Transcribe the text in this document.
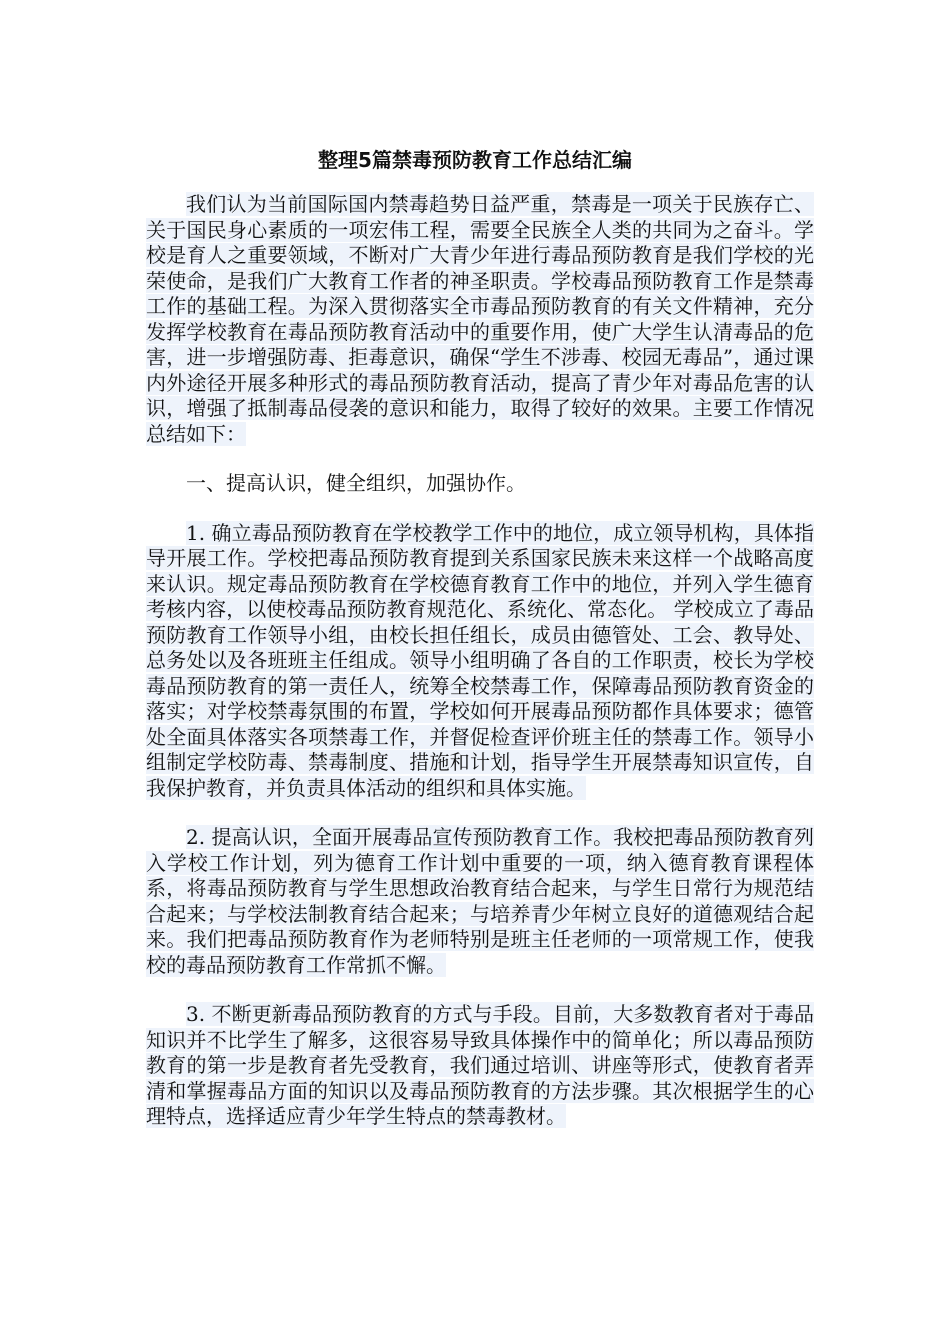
整理5篇禁毒预防教育工作总结汇编

我们认为当前国际国内禁毒趋势日益严重，禁毒是一项关于民族存亡、关于国民身心素质的一项宏伟工程，需要全民族全人类的共同为之奋斗。学校是育人之重要领域，不断对广大青少年进行毒品预防教育是我们学校的光荣使命，是我们广大教育工作者的神圣职责。学校毒品预防教育工作是禁毒工作的基础工程。为深入贯彻落实全市毒品预防教育的有关文件精神，充分发挥学校教育在毒品预防教育活动中的重要作用，使广大学生认清毒品的危害，进一步增强防毒、拒毒意识，确保“学生不涉毒、校园无毒品”，通过课内外途径开展多种形式的毒品预防教育活动，提高了青少年对毒品危害的认识，增强了抵制毒品侵袭的意识和能力，取得了较好的效果。主要工作情况总结如下：

一、提高认识，健全组织，加强协作。

1. 确立毒品预防教育在学校教学工作中的地位，成立领导机构，具体指导开展工作。学校把毒品预防教育提到关系国家民族未来这样一个战略高度来认识。规定毒品预防教育在学校德育教育工作中的地位，并列入学生德育考核内容，以使校毒品预防教育规范化、系统化、常态化。 学校成立了毒品预防教育工作领导小组，由校长担任组长，成员由德管处、工会、教导处、总务处以及各班班主任组成。领导小组明确了各自的工作职责，校长为学校毒品预防教育的第一责任人，统筹全校禁毒工作，保障毒品预防教育资金的落实；对学校禁毒氛围的布置，学校如何开展毒品预防都作具体要求；德管处全面具体落实各项禁毒工作，并督促检查评价班主任的禁毒工作。领导小组制定学校防毒、禁毒制度、措施和计划，指导学生开展禁毒知识宣传，自我保护教育，并负责具体活动的组织和具体实施。

2. 提高认识，全面开展毒品宣传预防教育工作。我校把毒品预防教育列入学校工作计划，列为德育工作计划中重要的一项，纳入德育教育课程体系，将毒品预防教育与学生思想政治教育结合起来，与学生日常行为规范结合起来；与学校法制教育结合起来；与培养青少年树立良好的道德观结合起来。我们把毒品预防教育作为老师特别是班主任老师的一项常规工作，使我校的毒品预防教育工作常抓不懈。

3. 不断更新毒品预防教育的方式与手段。目前，大多数教育者对于毒品知识并不比学生了解多，这很容易导致具体操作中的简单化；所以毒品预防教育的第一步是教育者先受教育，我们通过培训、讲座等形式，使教育者弄清和掌握毒品方面的知识以及毒品预防教育的方法步骤。其次根据学生的心理特点，选择适应青少年学生特点的禁毒教材。
